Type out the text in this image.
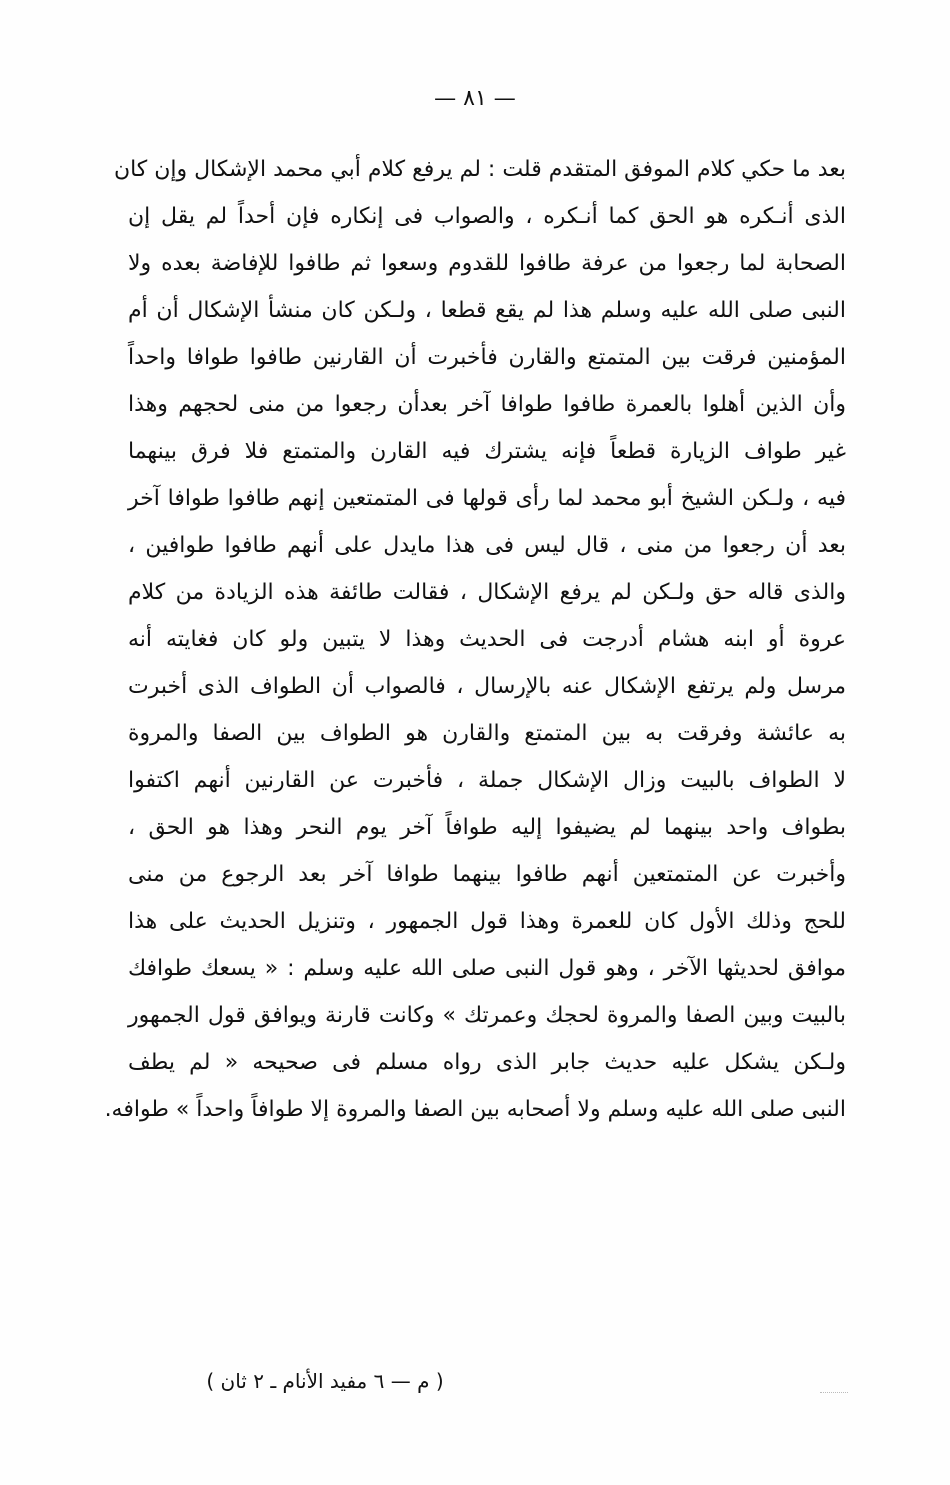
— ٨١ —
بعد ما حكي كلام الموفق المتقدم قلت : لم يرفع كلام أبي محمد الإشكال وإن كان
الذى أنـكره هو الحق كما أنـكره ، والصواب فى إنكاره فإن أحداً لم يقل إن
الصحابة لما رجعوا من عرفة طافوا للقدوم وسعوا ثم طافوا للإفاضة بعده ولا
النبى صلى الله عليه وسلم هذا لم يقع قطعا ، ولـكن كان منشأ الإشكال أن أم
المؤمنين فرقت بين المتمتع والقارن فأخبرت أن القارنين طافوا طوافا واحداً
وأن الذين أهلوا بالعمرة طافوا طوافا آخر بعدأن رجعوا من منى لحجهم وهذا
غير طواف الزيارة قطعاً فإنه يشترك فيه القارن والمتمتع فلا فرق بينهما
فيه ، ولـكن الشيخ أبو محمد لما رأى قولها فى المتمتعين إنهم طافوا طوافا آخر
بعد أن رجعوا من منى ، قال ليس فى هذا مايدل على أنهم طافوا طوافين ،
والذى قاله حق ولـكن لم يرفع الإشكال ، فقالت طائفة هذه الزيادة من كلام
عروة أو ابنه هشام أدرجت فى الحديث وهذا لا يتبين ولو كان فغايته أنه
مرسل ولم يرتفع الإشكال عنه بالإرسال ، فالصواب أن الطواف الذى أخبرت
به عائشة وفرقت به بين المتمتع والقارن هو الطواف بين الصفا والمروة
لا الطواف بالبيت وزال الإشكال جملة ، فأخبرت عن القارنين أنهم اكتفوا
بطواف واحد بينهما لم يضيفوا إليه طوافاً آخر يوم النحر وهذا هو الحق ،
وأخبرت عن المتمتعين أنهم طافوا بينهما طوافا آخر بعد الرجوع من منى
للحج وذلك الأول كان للعمرة وهذا قول الجمهور ، وتنزيل الحديث على هذا
موافق لحديثها الآخر ، وهو قول النبى صلى الله عليه وسلم : « يسعك طوافك
بالبيت وبين الصفا والمروة لحجك وعمرتك » وكانت قارنة ويوافق قول الجمهور
ولـكن يشكل عليه حديث جابر الذى رواه مسلم فى صحيحه « لم يطف
النبى صلى الله عليه وسلم ولا أصحابه بين الصفا والمروة إلا طوافاً واحداً » طوافه.
( م — ٦ مفيد الأنام ـ ٢ ثان )
